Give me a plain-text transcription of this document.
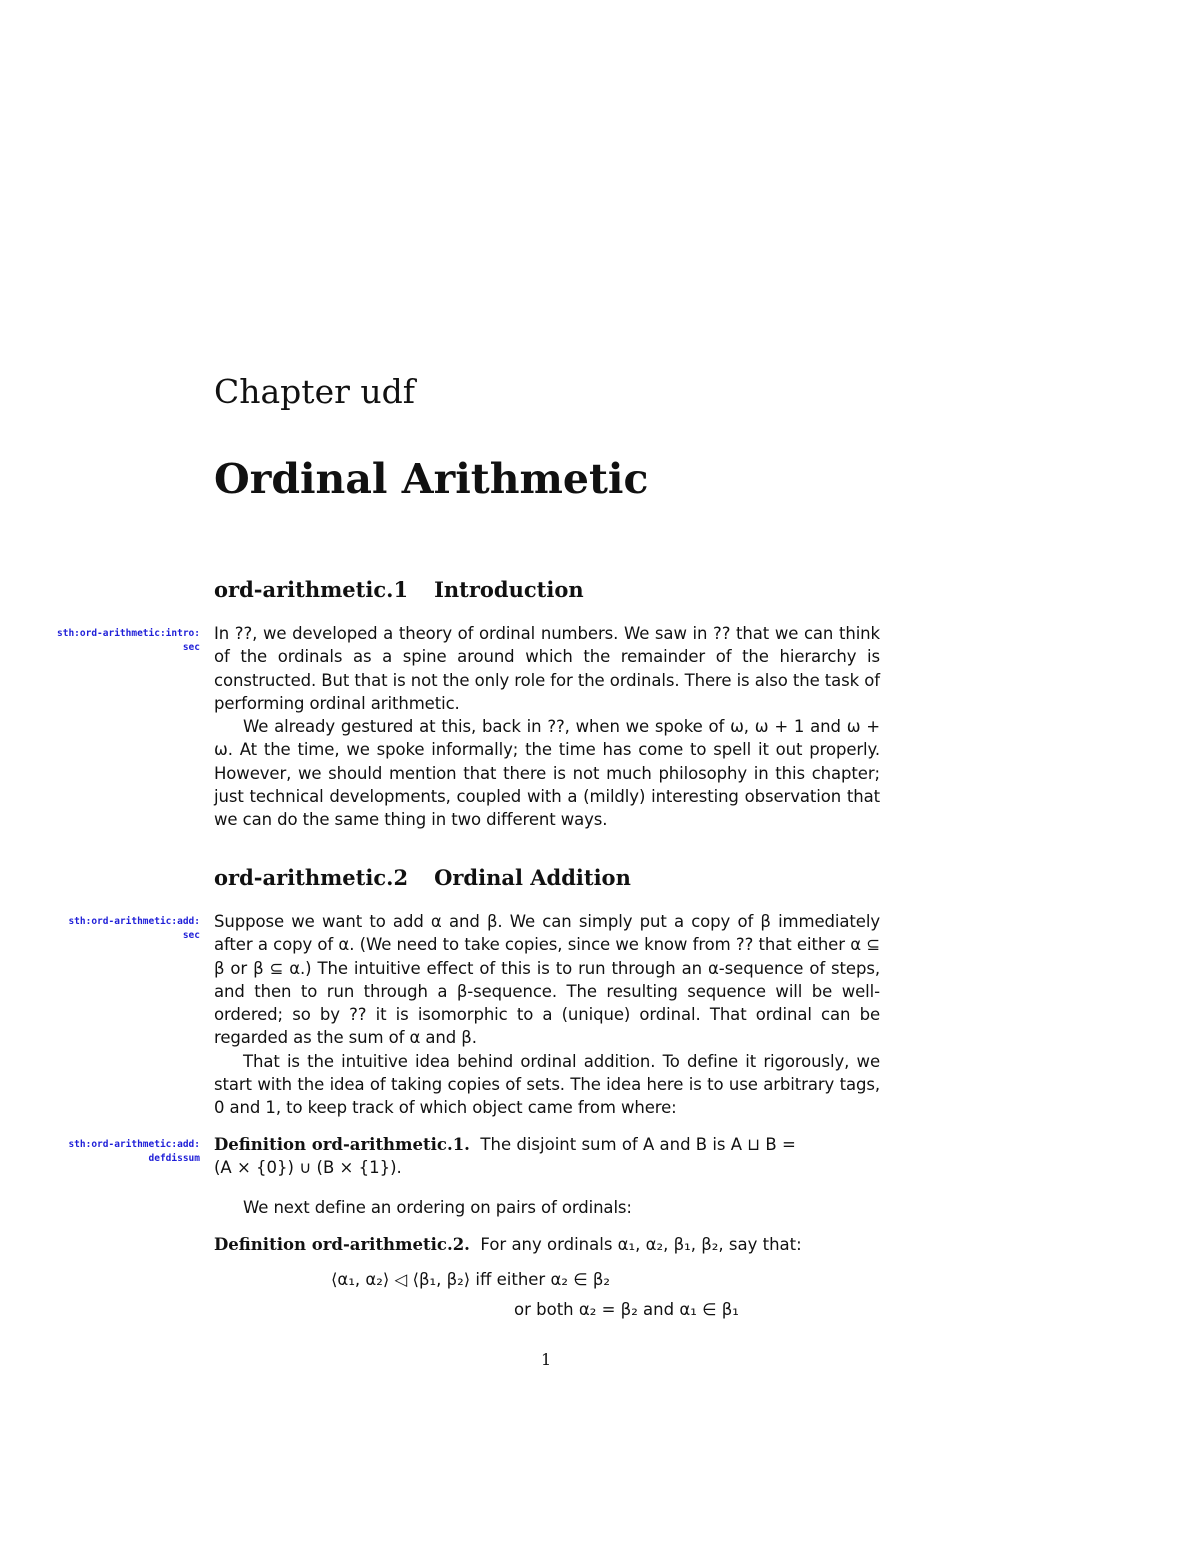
Chapter udf
Ordinal Arithmetic
ord-arithmetic.1 Introduction
sth:ord-arithmetic:intro:
sec

In ??, we developed a theory of ordinal numbers. We saw in ?? that we can think of the ordinals as a spine around which the remainder of the hierarchy is constructed. But that is not the only role for the ordinals. There is also the task of performing ordinal arithmetic.

We already gestured at this, back in ??, when we spoke of ω, ω + 1 and ω + ω. At the time, we spoke informally; the time has come to spell it out properly. However, we should mention that there is not much philosophy in this chapter; just technical developments, coupled with a (mildly) interesting observation that we can do the same thing in two different ways.

ord-arithmetic.2 Ordinal Addition
sth:ord-arithmetic:add:
sec

Suppose we want to add α and β. We can simply put a copy of β immediately after a copy of α. (We need to take copies, since we know from ?? that either α ⊆ β or β ⊆ α.) The intuitive effect of this is to run through an α-sequence of steps, and then to run through a β-sequence. The resulting sequence will be well-ordered; so by ?? it is isomorphic to a (unique) ordinal. That ordinal can be regarded as the sum of α and β.

That is the intuitive idea behind ordinal addition. To define it rigorously, we start with the idea of taking copies of sets. The idea here is to use arbitrary tags, 0 and 1, to keep track of which object came from where:

sth:ord-arithmetic:add:
defdissum

Definition ord-arithmetic.1. The disjoint sum of A and B is A ⊔ B =

(A × {0}) ∪ (B × {1}).

We next define an ordering on pairs of ordinals:

Definition ord-arithmetic.2. For any ordinals α₁, α₂, β₁, β₂, say that:

⟨α₁, α₂⟩ ◁ ⟨β₁, β₂⟩ iff either α₂ ∈ β₂
or both α₂ = β₂ and α₁ ∈ β₁
1
